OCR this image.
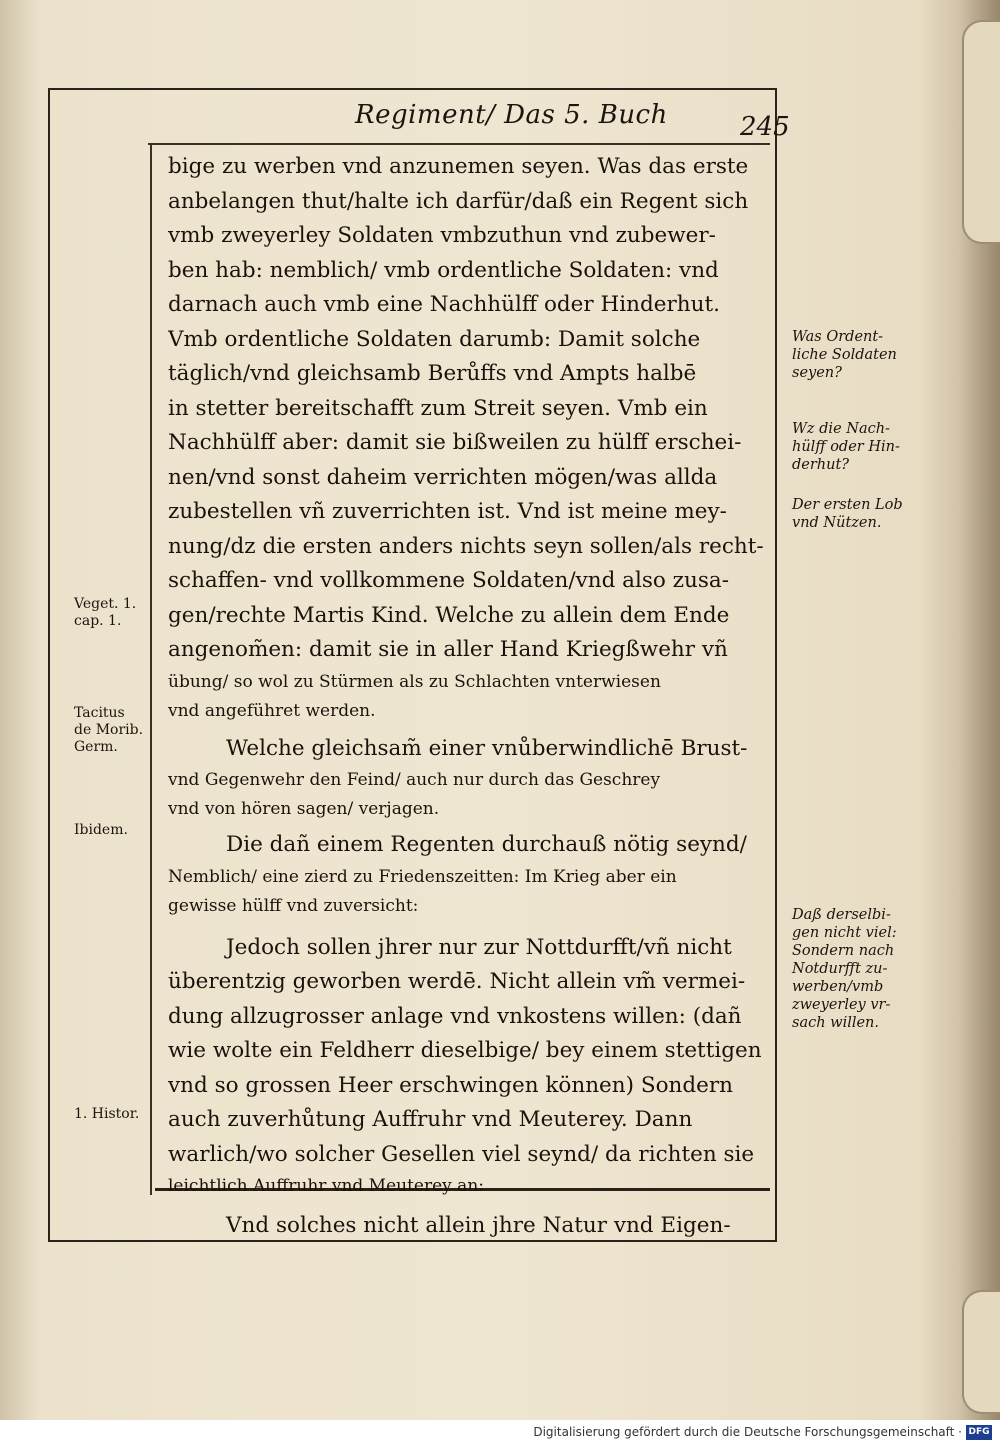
Regiment/ Das 5. Buch	245
bige zu werben vnd anzunemen seyen. Was das erste
anbelangen thut/halte ich darfür/daß ein Regent sich
vmb zweyerley Soldaten vmbzuthun vnd zubewer-
ben hab: nemblich/ vmb ordentliche Soldaten: vnd
darnach auch vmb eine Nachhülff oder Hinderhut.
Vmb ordentliche Soldaten darumb: Damit solche
täglich/vnd gleichsamb Berůffs vnd Ampts halbē
in stetter bereitschafft zum Streit seyen. Vmb ein
Nachhülff aber: damit sie bißweilen zu hülff erschei-
nen/vnd sonst daheim verrichten mögen/was allda
zubestellen vñ zuverrichten ist. Vnd ist meine mey-
nung/dz die ersten anders nichts seyn sollen/als recht-
schaffen- vnd vollkommene Soldaten/vnd also zusa-
gen/rechte Martis Kind. Welche zu allein dem Ende
angenom̃en: damit sie in aller Hand Kriegßwehr vñ
übung/ so wol zu Stürmen als zu Schlachten vnterwiesen
vnd angeführet werden.
Welche gleichsam̃ einer vnůberwindlichē Brust-
vnd Gegenwehr den Feind/ auch nur durch das Geschrey
vnd von hören sagen/ verjagen.
Die dañ einem Regenten durchauß nötig seynd/
Nemblich/ eine zierd zu Friedenszeitten: Im Krieg aber ein
gewisse hülff vnd zuversicht:
Jedoch sollen jhrer nur zur Nottdurfft/vñ nicht
überentzig geworben werdē. Nicht allein vm̃ vermei-
dung allzugrosser anlage vnd vnkostens willen: (dañ
wie wolte ein Feldherr dieselbige/ bey einem stettigen
vnd so grossen Heer erschwingen können) Sondern
auch zuverhůtung Auffruhr vnd Meuterey. Dann
warlich/wo solcher Gesellen viel seynd/ da richten sie
leichtlich Auffruhr vnd Meuterey an:
Vnd solches nicht allein jhre Natur vnd Eigen-
Veget. 1.
cap. 1.
Tacitus
de Morib.
Germ.
Ibidem.
1. Histor.
Was Ordent-
liche Soldaten
seyen?
Wz die Nach-
hülff oder Hin-
derhut?
Der ersten Lob
vnd Nützen.
Daß derselbi-
gen nicht viel:
Sondern nach
Notdurfft zu-
werben/vmb
zweyerley vr-
sach willen.
Digitalisierung gefördert durch die Deutsche Forschungsgemeinschaft · DFG
